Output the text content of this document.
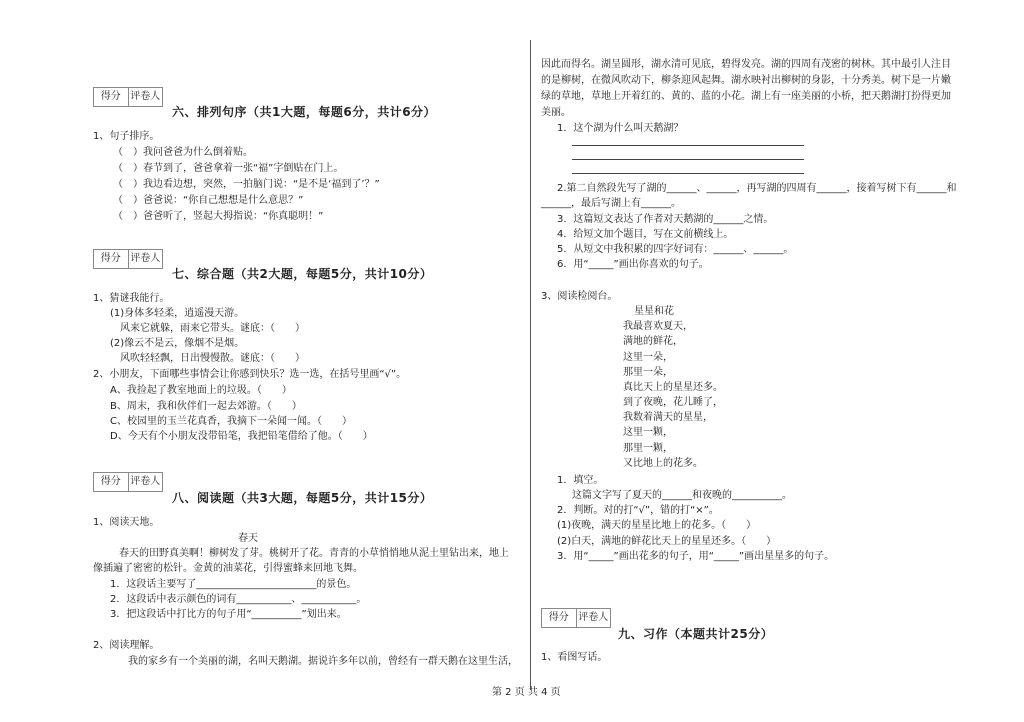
得分 评卷人
六、排列句序（共1大题，每题6分，共计6分）
1、句子排序。
（　）我问爸爸为什么倒着贴。
（　）春节到了，爸爸拿着一张“福”字倒贴在门上。
（　）我边看边想，突然，一拍脑门说：“是不是‘福到了’？”
（　）爸爸说：“你自己想想是什么意思？”
（　）爸爸听了，竖起大拇指说：“你真聪明！”
得分 评卷人
七、综合题（共2大题，每题5分，共计10分）
1、猜谜我能行。
(1)身体多轻柔，逍遥漫天游。
风来它就躲，雨来它带头。谜底：（　　）
(2)像云不是云，像烟不是烟。
风吹轻轻飘，日出慢慢散。谜底：（　　）
2、小朋友，下面哪些事情会让你感到快乐？选一选，在括号里画“√”。
A、我捡起了教室地面上的垃圾。（　　）
B、周末，我和伙伴们一起去郊游。（　　）
C、校园里的玉兰花真香，我摘下一朵闻一闻。（　　）
D、今天有个小朋友没带铅笔，我把铅笔借给了他。（　　）
得分 评卷人
八、阅读题（共3大题，每题5分，共计15分）
1、阅读天地。
春天
春天的田野真美啊！柳树发了芽。桃树开了花。青青的小草悄悄地从泥土里钻出来，地上
像插遍了密密的松针。金黄的油菜花，引得蜜蜂来回地飞舞。
1．这段话主要写了________________________的景色。
2．这段话中表示颜色的词有___________、___________。
3．把这段话中打比方的句子用“__________”划出来。
2、阅读理解。
我的家乡有一个美丽的湖，名叫天鹅湖。据说许多年以前，曾经有一群天鹅在这里生活，
因此而得名。湖呈圆形，湖水清可见底，碧得发亮。湖的四周有茂密的树林。其中最引人注目
的是柳树，在微风吹动下，柳条迎风起舞。湖水映衬出柳树的身影，十分秀美。树下是一片嫩
绿的草地，草地上开着红的、黄的、蓝的小花。湖上有一座美丽的小桥，把天鹅湖打扮得更加
美丽。
1．这个湖为什么叫天鹅湖？
2.第二自然段先写了湖的______、______，再写湖的四周有______，接着写树下有______和
______，最后写湖上有______。
3．这篇短文表达了作者对天鹅湖的______之情。
4．给短文加个题目，写在文前横线上。
5．从短文中我积累的四字好词有：______、______。
6．用“_____”画出你喜欢的句子。
3、阅读检阅台。
星星和花
我最喜欢夏天，
满地的鲜花，
这里一朵，
那里一朵，
真比天上的星星还多。
到了夜晚，花儿睡了，
我数着满天的星星，
这里一颗，
那里一颗，
又比地上的花多。
1．填空。
这篇文字写了夏天的______和夜晚的__________。
2．判断。对的打“√”，错的打“×”。
(1)夜晚，满天的星星比地上的花多。（　　）
(2)白天，满地的鲜花比天上的星星还多。（　　）
3．用“_____”画出花多的句子，用“_____”画出星星多的句子。
得分 评卷人
九、习作（本题共计25分）
1、看图写话。
第 2 页 共 4 页
